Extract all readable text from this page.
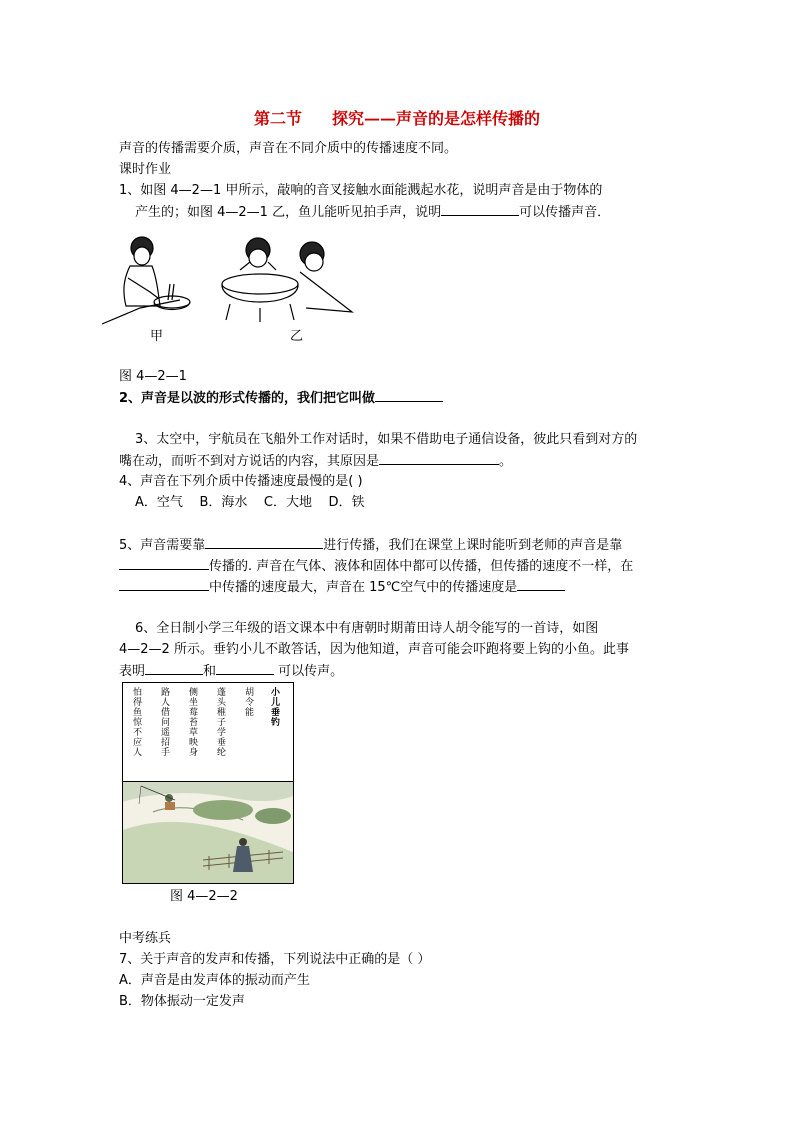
第二节 探究——声音的是怎样传播的
声音的传播需要介质，声音在不同介质中的传播速度不同。
课时作业
1、如图 4—2—1 甲所示，敲响的音叉接触水面能溅起水花，说明声音是由于物体的
产生的；如图 4—2—1 乙，鱼儿能听见拍手声，说明	可以传播声音．
甲	乙
图 4—2—1
2、声音是以波的形式传播的，我们把它叫做
3、太空中，宇航员在飞船外工作对话时，如果不借助电子通信设备，彼此只看到对方的
嘴在动，而听不到对方说话的内容，其原因是	。
4、声音在下列介质中传播速度最慢的是( )
A．空气 B．海水 C．大地 D．铁
5、声音需要靠	进行传播，我们在课堂上课时能听到老师的声音是靠
传播的. 声音在气体、液体和固体中都可以传播，但传播的速度不一样，在
中传播的速度最大，声音在 15℃空气中的传播速度是
6、全日制小学三年级的语文课本中有唐朝时期莆田诗人胡令能写的一首诗，如图
4—2—2 所示。垂钓小儿不敢答话，因为他知道，声音可能会吓跑将要上钩的小鱼。此事
表明	和	可以传声。
小儿垂钓
胡令能
蓬头稚子学垂纶
侧坐莓苔草映身
路人借问遥招手
怕得鱼惊不应人
图 4—2—2
中考练兵
7、关于声音的发声和传播，下列说法中正确的是（ ）
A．声音是由发声体的振动而产生
B．物体振动一定发声
